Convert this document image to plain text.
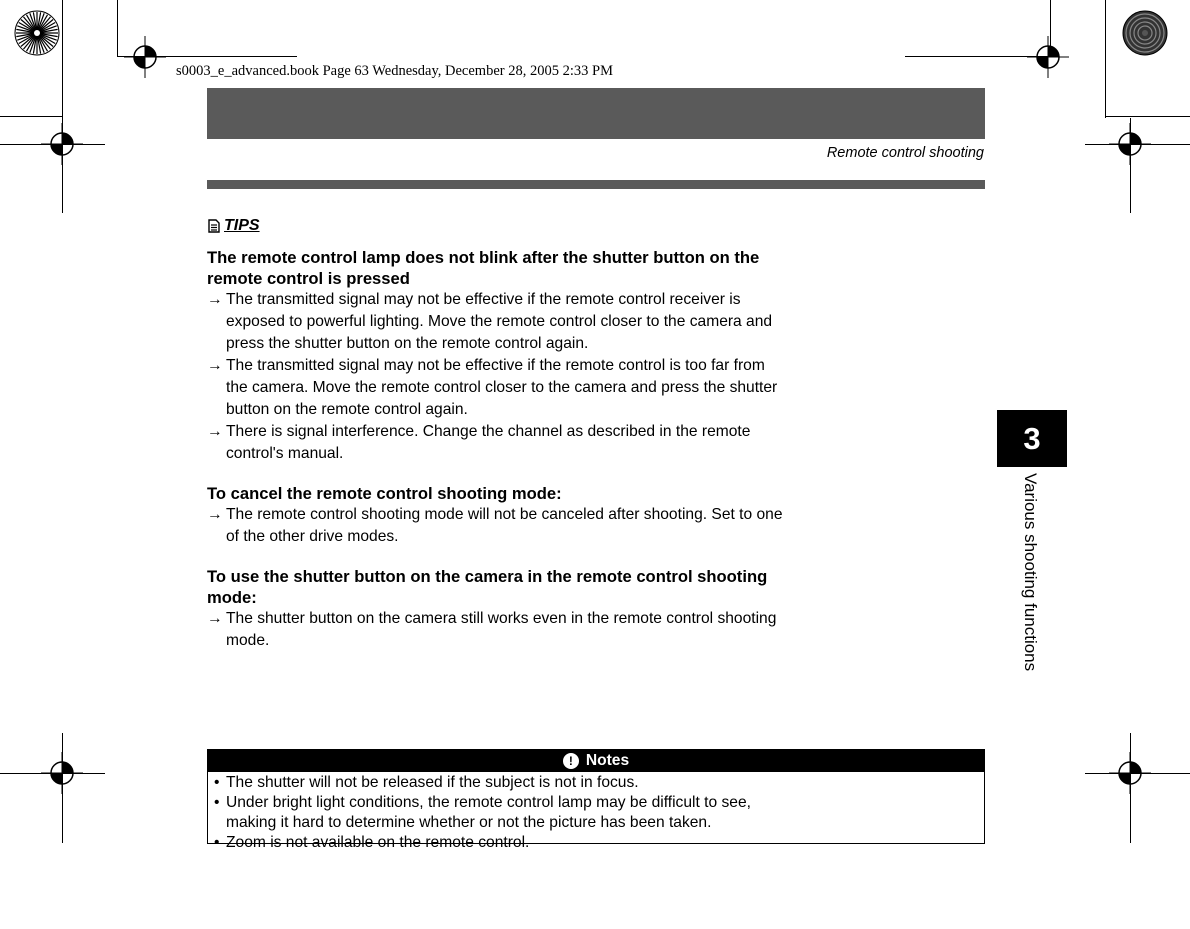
s0003_e_advanced.book Page 63 Wednesday, December 28, 2005 2:33 PM
Remote control shooting
TIPS

The remote control lamp does not blink after the shutter button on the
remote control is pressed

→ The transmitted signal may not be effective if the remote control receiver is
exposed to powerful lighting. Move the remote control closer to the camera and
press the shutter button on the remote control again.

→ The transmitted signal may not be effective if the remote control is too far from
the camera. Move the remote control closer to the camera and press the shutter
button on the remote control again.

→ There is signal interference. Change the channel as described in the remote
control's manual.

To cancel the remote control shooting mode:

→ The remote control shooting mode will not be canceled after shooting. Set to one
of the other drive modes.

To use the shutter button on the camera in the remote control shooting
mode:

→ The shutter button on the camera still works even in the remote control shooting
mode.

! Notes
• The shutter will not be released if the subject is not in focus.
• Under bright light conditions, the remote control lamp may be difficult to see,
making it hard to determine whether or not the picture has been taken.
• Zoom is not available on the remote control.
3
Various shooting functions
